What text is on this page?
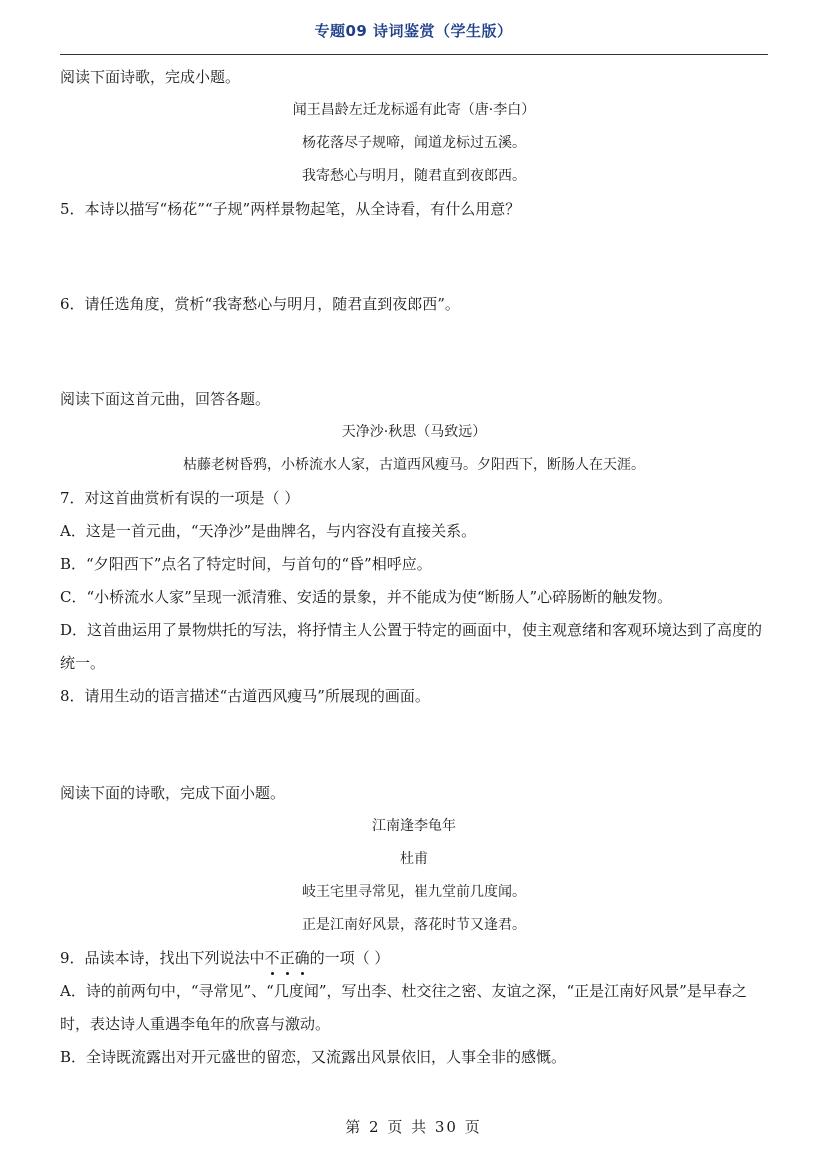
专题09 诗词鉴赏（学生版）
阅读下面诗歌，完成小题。
闻王昌龄左迁龙标遥有此寄（唐·李白）
杨花落尽子规啼，闻道龙标过五溪。
我寄愁心与明月，随君直到夜郎西。
5．本诗以描写“杨花”“子规”两样景物起笔，从全诗看，有什么用意？
6．请任选角度，赏析“我寄愁心与明月，随君直到夜郎西”。
阅读下面这首元曲，回答各题。
天净沙·秋思（马致远）
枯藤老树昏鸦，小桥流水人家，古道西风瘦马。夕阳西下，断肠人在天涯。
7．对这首曲赏析有误的一项是（ ）
A．这是一首元曲，“天净沙”是曲牌名，与内容没有直接关系。
B．“夕阳西下”点名了特定时间，与首句的“昏”相呼应。
C．“小桥流水人家”呈现一派清雅、安适的景象，并不能成为使“断肠人”心碎肠断的触发物。
D．这首曲运用了景物烘托的写法，将抒情主人公置于特定的画面中，使主观意绪和客观环境达到了高度的统一。
8．请用生动的语言描述“古道西风瘦马”所展现的画面。
阅读下面的诗歌，完成下面小题。
江南逢李龟年
杜甫
岐王宅里寻常见，崔九堂前几度闻。
正是江南好风景，落花时节又逢君。
9．品读本诗，找出下列说法中不正确的一项（ ）
A．诗的前两句中，“寻常见”、“几度闻”，写出李、杜交往之密、友谊之深，“正是江南好风景”是早春之时，表达诗人重遇李龟年的欣喜与激动。
B．全诗既流露出对开元盛世的留恋，又流露出风景依旧，人事全非的感慨。
第 2 页 共 30 页
